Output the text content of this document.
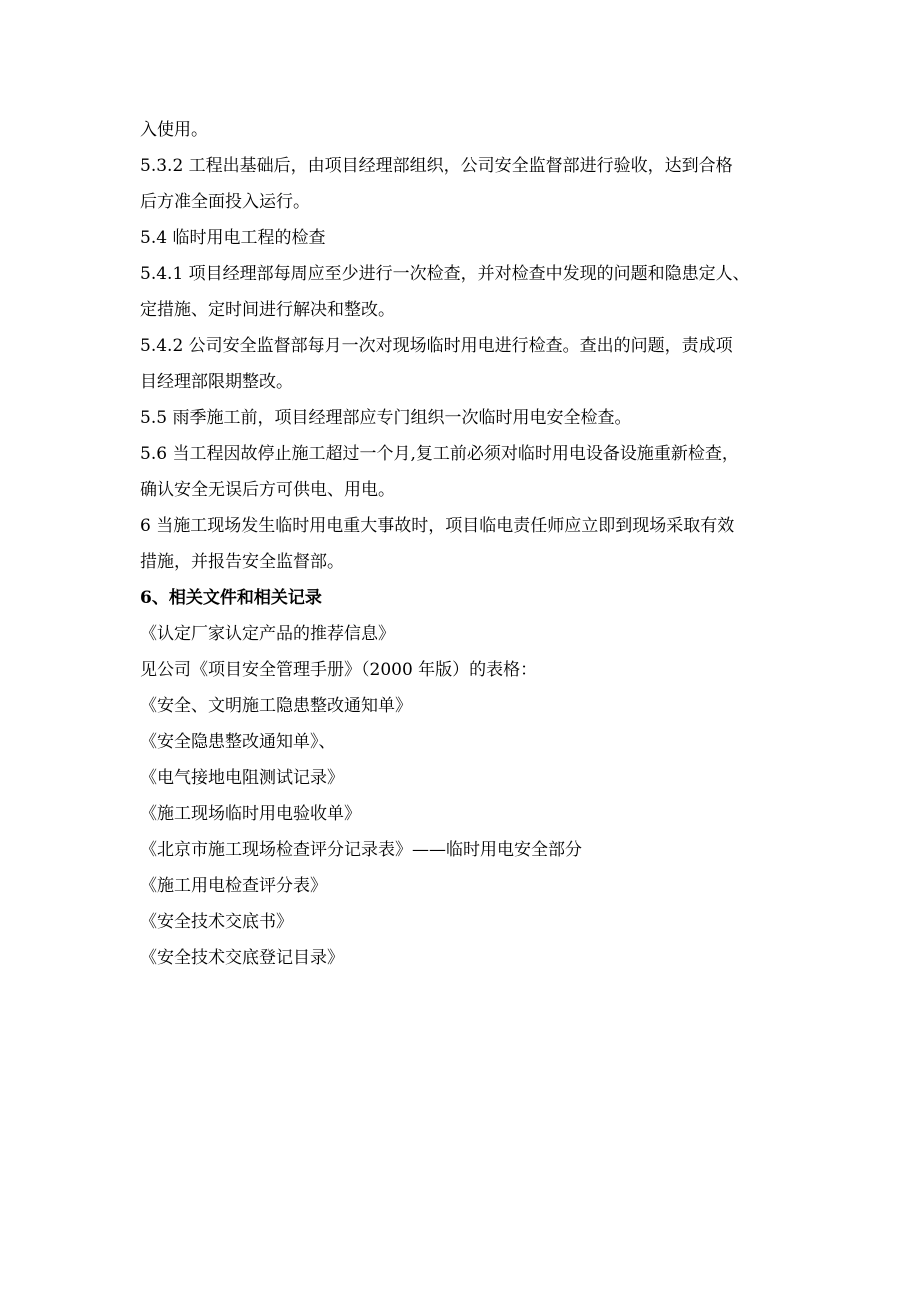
入使用。
5.3.2 工程出基础后，由项目经理部组织，公司安全监督部进行验收，达到合格
后方准全面投入运行。
5.4 临时用电工程的检查
5.4.1 项目经理部每周应至少进行一次检查，并对检查中发现的问题和隐患定人、
定措施、定时间进行解决和整改。
5.4.2 公司安全监督部每月一次对现场临时用电进行检查。查出的问题，责成项
目经理部限期整改。
5.5 雨季施工前，项目经理部应专门组织一次临时用电安全检查。
5.6 当工程因故停止施工超过一个月,复工前必须对临时用电设备设施重新检查，
确认安全无误后方可供电、用电。
6 当施工现场发生临时用电重大事故时，项目临电责任师应立即到现场采取有效
措施，并报告安全监督部。
6、相关文件和相关记录
《认定厂家认定产品的推荐信息》
见公司《项目安全管理手册》（2000 年版）的表格：
《安全、文明施工隐患整改通知单》
《安全隐患整改通知单》、
《电气接地电阻测试记录》
《施工现场临时用电验收单》
《北京市施工现场检查评分记录表》——临时用电安全部分
《施工用电检查评分表》
《安全技术交底书》
《安全技术交底登记目录》
